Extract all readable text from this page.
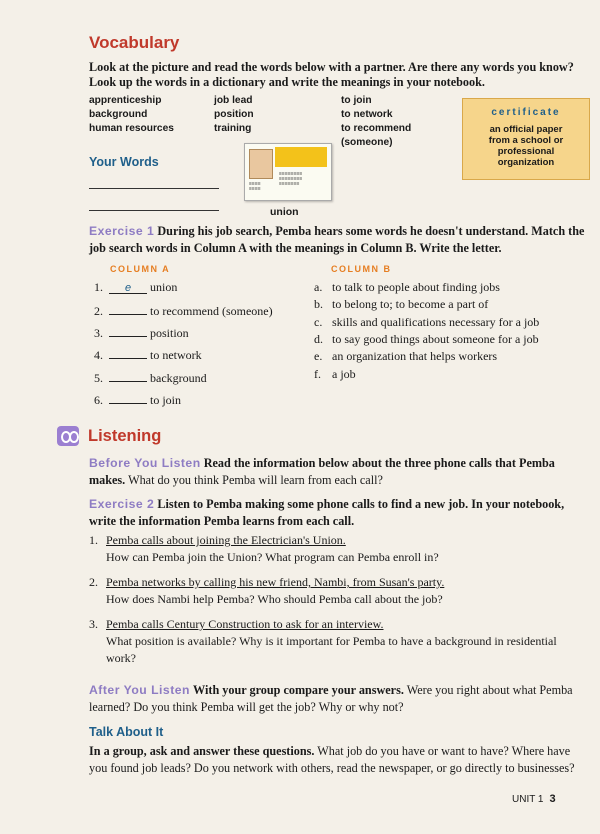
Vocabulary
Look at the picture and read the words below with a partner. Are there any words you know? Look up the words in a dictionary and write the meanings in your notebook.
apprenticeship
background
human resources
job lead
position
training
to join
to network
to recommend
(someone)
certificate
an official paper
from a school or
professional
organization
Your Words
≡≡≡≡≡≡≡≡
≡≡≡≡≡≡≡≡
≡≡≡≡≡≡≡
≡≡≡≡
≡≡≡≡
union
Exercise 1 During his job search, Pemba hears some words he doesn't understand. Match the job search words in Column A with the meanings in Column B. Write the letter.
COLUMN A	COLUMN B
1. e union
2.	to recommend (someone)
3.	position
4.	to network
5.	background
6.	to join
a. to talk to people about finding jobs
b. to belong to; to become a part of
c. skills and qualifications necessary for a job
d. to say good things about someone for a job
e. an organization that helps workers
f. a job
Listening
Before You Listen Read the information below about the three phone calls that Pemba makes. What do you think Pemba will learn from each call?
Exercise 2 Listen to Pemba making some phone calls to find a new job. In your notebook, write the information Pemba learns from each call.
1. Pemba calls about joining the Electrician's Union.
How can Pemba join the Union? What program can Pemba enroll in?
2. Pemba networks by calling his new friend, Nambi, from Susan's party.
How does Nambi help Pemba? Who should Pemba call about the job?
3. Pemba calls Century Construction to ask for an interview.
What position is available? Why is it important for Pemba to have a background in residential work?
After You Listen With your group compare your answers. Were you right about what Pemba learned? Do you think Pemba will get the job? Why or why not?
Talk About It
In a group, ask and answer these questions. What job do you have or want to have? Where have you found job leads? Do you network with others, read the newspaper, or go directly to businesses?
UNIT 1 3
